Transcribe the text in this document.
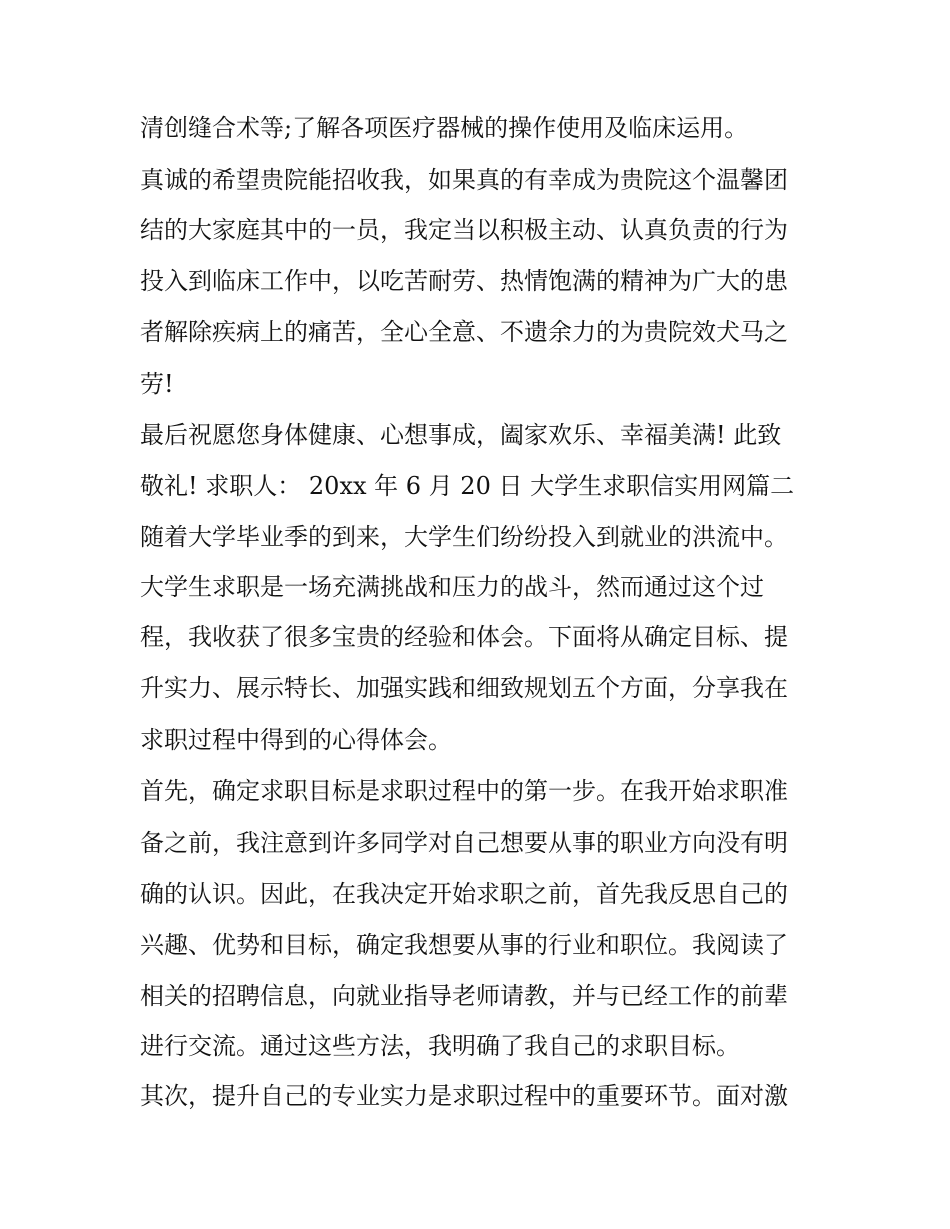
清创缝合术等;了解各项医疗器械的操作使用及临床运用。
真诚的希望贵院能招收我，如果真的有幸成为贵院这个温馨团
结的大家庭其中的一员，我定当以积极主动、认真负责的行为
投入到临床工作中，以吃苦耐劳、热情饱满的精神为广大的患
者解除疾病上的痛苦，全心全意、不遗余力的为贵院效犬马之
劳!
最后祝愿您身体健康、心想事成，阖家欢乐、幸福美满! 此致
敬礼! 求职人： 20xx 年 6 月 20 日 大学生求职信实用网篇二
随着大学毕业季的到来，大学生们纷纷投入到就业的洪流中。
大学生求职是一场充满挑战和压力的战斗，然而通过这个过
程，我收获了很多宝贵的经验和体会。下面将从确定目标、提
升实力、展示特长、加强实践和细致规划五个方面，分享我在
求职过程中得到的心得体会。
首先，确定求职目标是求职过程中的第一步。在我开始求职准
备之前，我注意到许多同学对自己想要从事的职业方向没有明
确的认识。因此，在我决定开始求职之前，首先我反思自己的
兴趣、优势和目标，确定我想要从事的行业和职位。我阅读了
相关的招聘信息，向就业指导老师请教，并与已经工作的前辈
进行交流。通过这些方法，我明确了我自己的求职目标。
其次，提升自己的专业实力是求职过程中的重要环节。面对激
